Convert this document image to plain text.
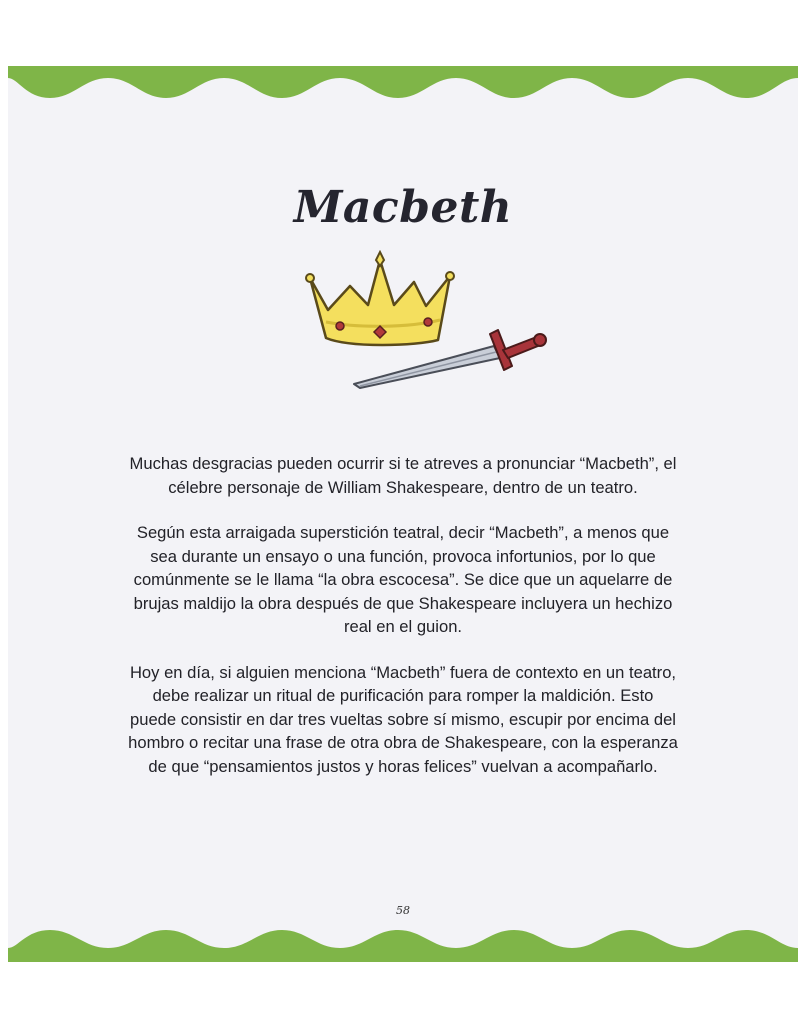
Macbeth

Muchas desgracias pueden ocurrir si te atreves a pronunciar “Macbeth”, el célebre personaje de William Shakespeare, dentro de un teatro.

Según esta arraigada superstición teatral, decir “Macbeth”, a menos que sea durante un ensayo o una función, provoca infortunios, por lo que comúnmente se le llama “la obra escocesa”. Se dice que un aquelarre de brujas maldijo la obra después de que Shakespeare incluyera un hechizo real en el guion.

Hoy en día, si alguien menciona “Macbeth” fuera de contexto en un teatro, debe realizar un ritual de purificación para romper la maldición. Esto puede consistir en dar tres vueltas sobre sí mismo, escupir por encima del hombro o recitar una frase de otra obra de Shakespeare, con la esperanza de que “pensamientos justos y horas felices” vuelvan a acompañarlo.

58
